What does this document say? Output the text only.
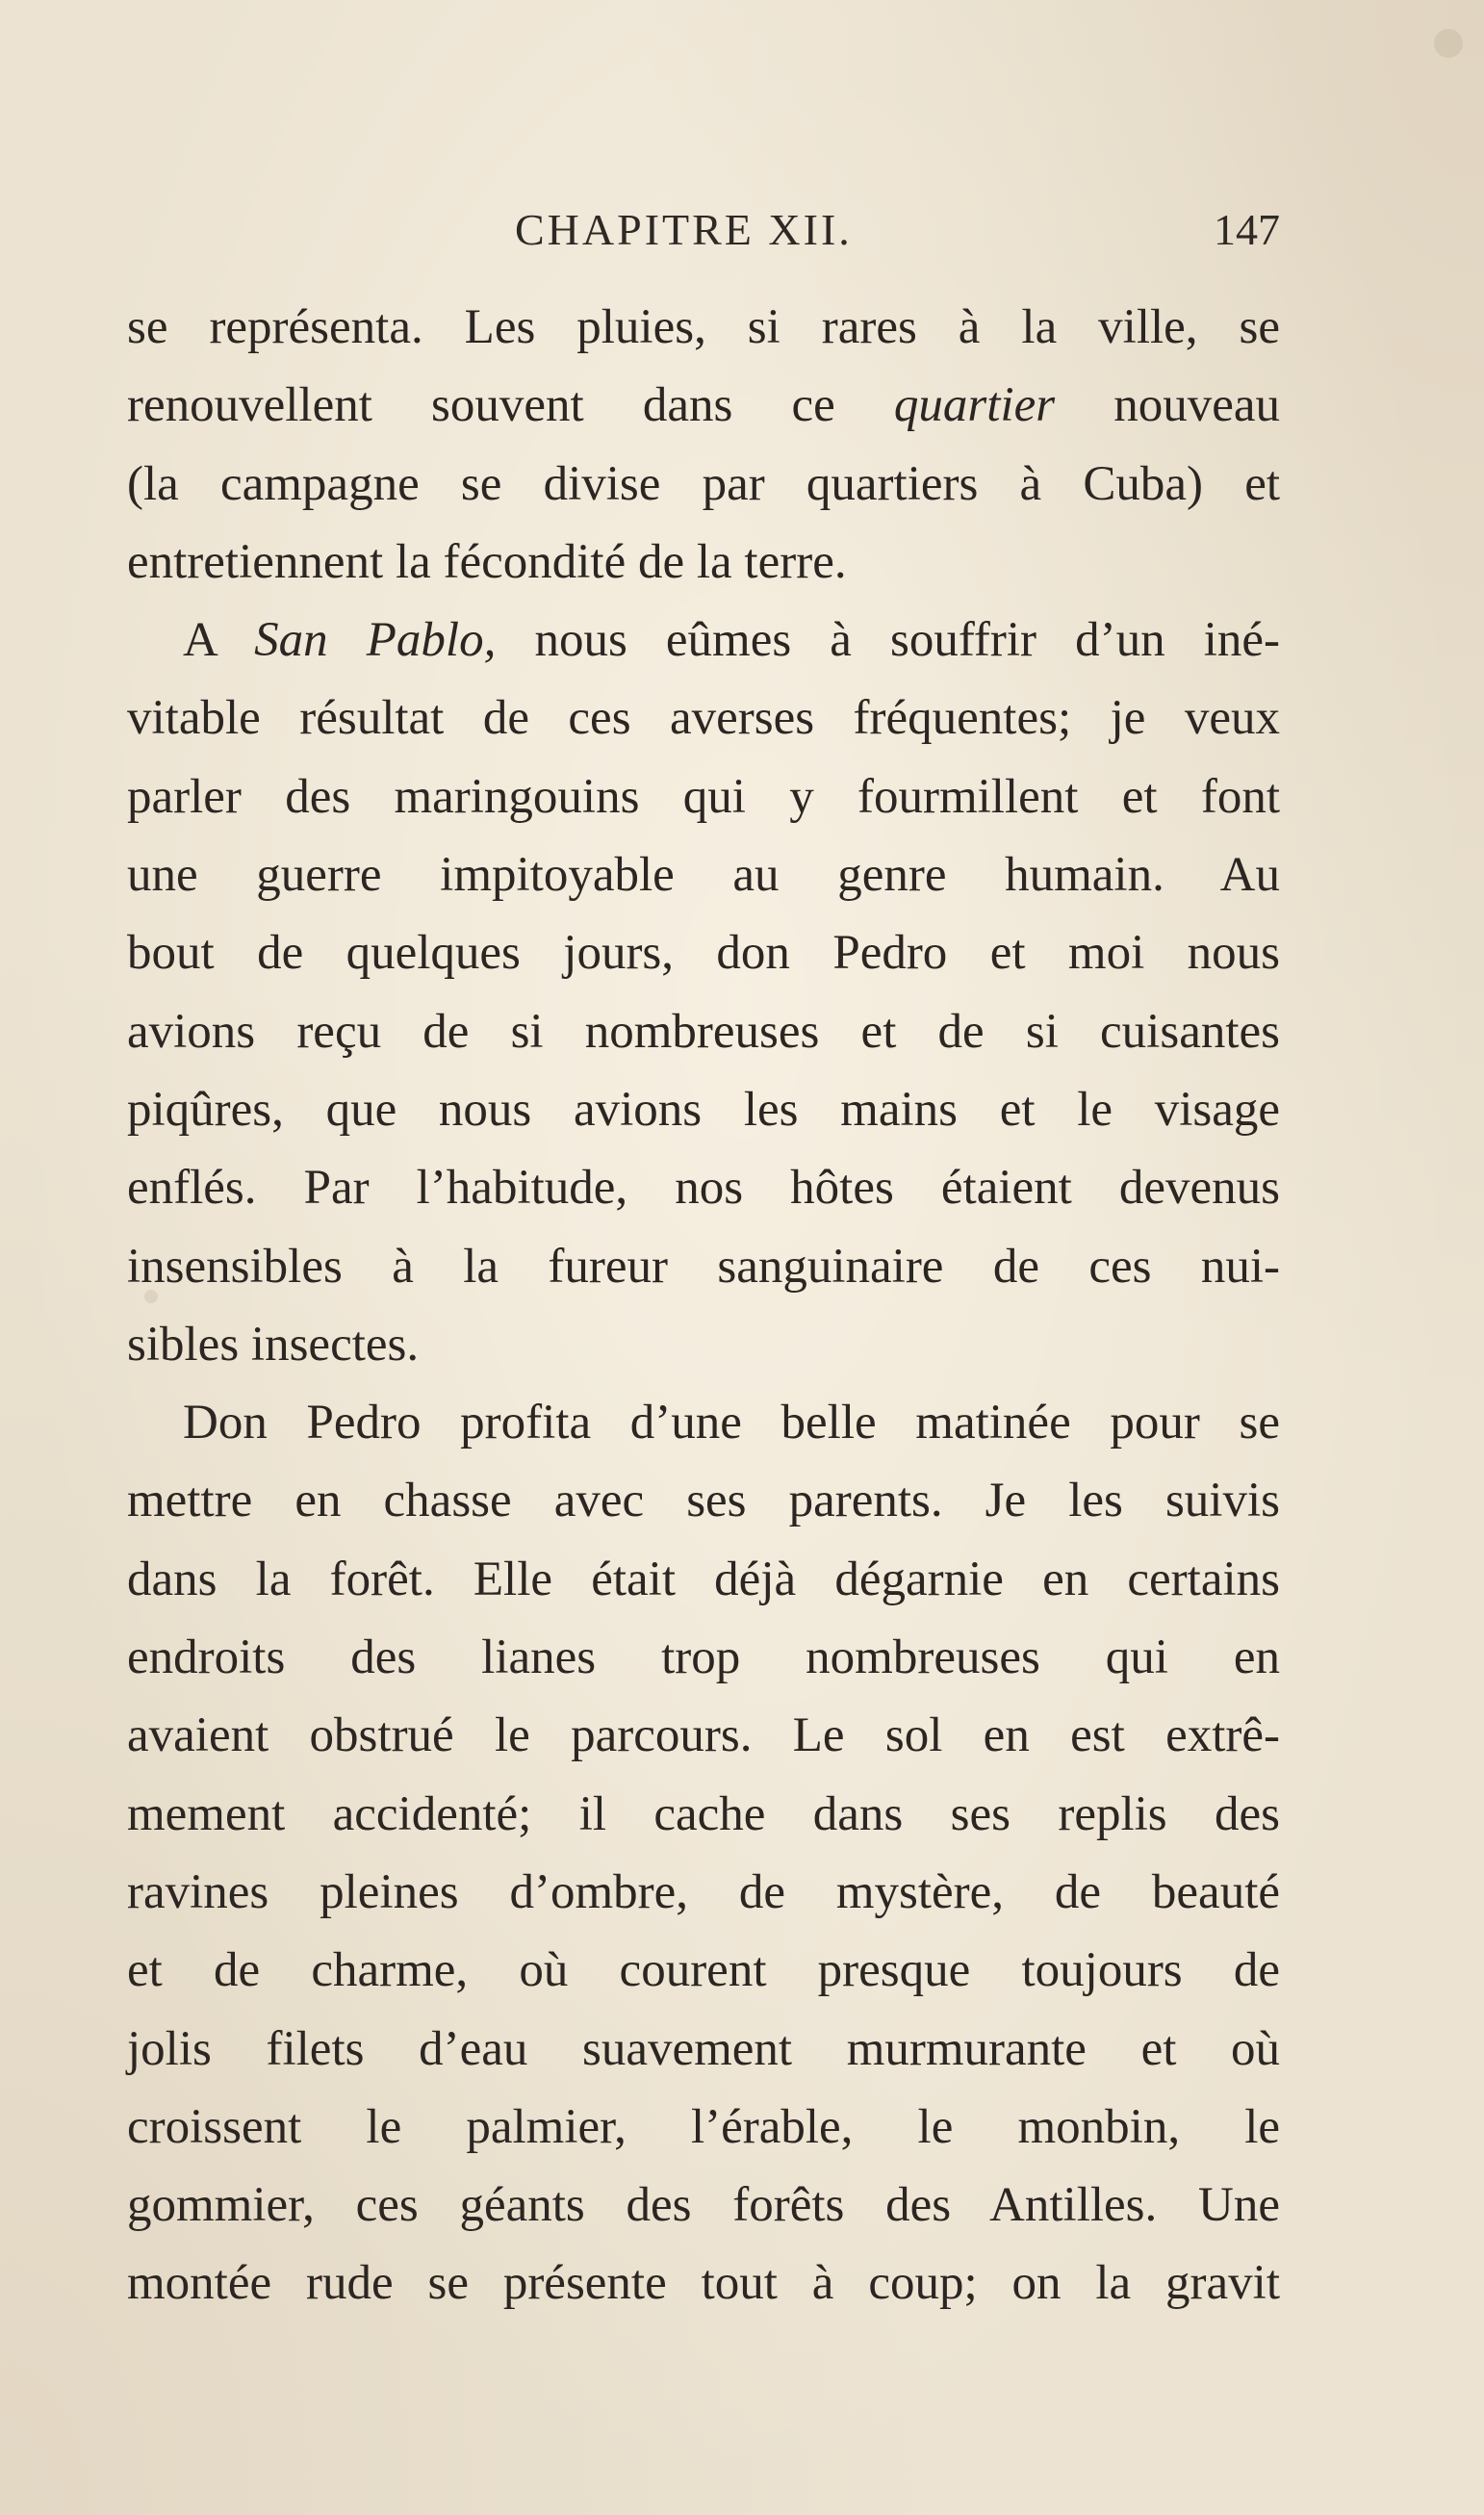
CHAPITRE XII.	147
se représenta. Les pluies, si rares à la ville, se
renouvellent souvent dans ce quartier nouveau
(la campagne se divise par quartiers à Cuba) et
entretiennent la fécondité de la terre.
A San Pablo, nous eûmes à souffrir d’un iné-
vitable résultat de ces averses fréquentes; je veux
parler des maringouins qui y fourmillent et font
une guerre impitoyable au genre humain. Au
bout de quelques jours, don Pedro et moi nous
avions reçu de si nombreuses et de si cuisantes
piqûres, que nous avions les mains et le visage
enflés. Par l’habitude, nos hôtes étaient devenus
insensibles à la fureur sanguinaire de ces nui-
sibles insectes.
Don Pedro profita d’une belle matinée pour se
mettre en chasse avec ses parents. Je les suivis
dans la forêt. Elle était déjà dégarnie en certains
endroits des lianes trop nombreuses qui en
avaient obstrué le parcours. Le sol en est extrê-
mement accidenté; il cache dans ses replis des
ravines pleines d’ombre, de mystère, de beauté
et de charme, où courent presque toujours de
jolis filets d’eau suavement murmurante et où
croissent le palmier, l’érable, le monbin, le
gommier, ces géants des forêts des Antilles. Une
montée rude se présente tout à coup; on la gravit
